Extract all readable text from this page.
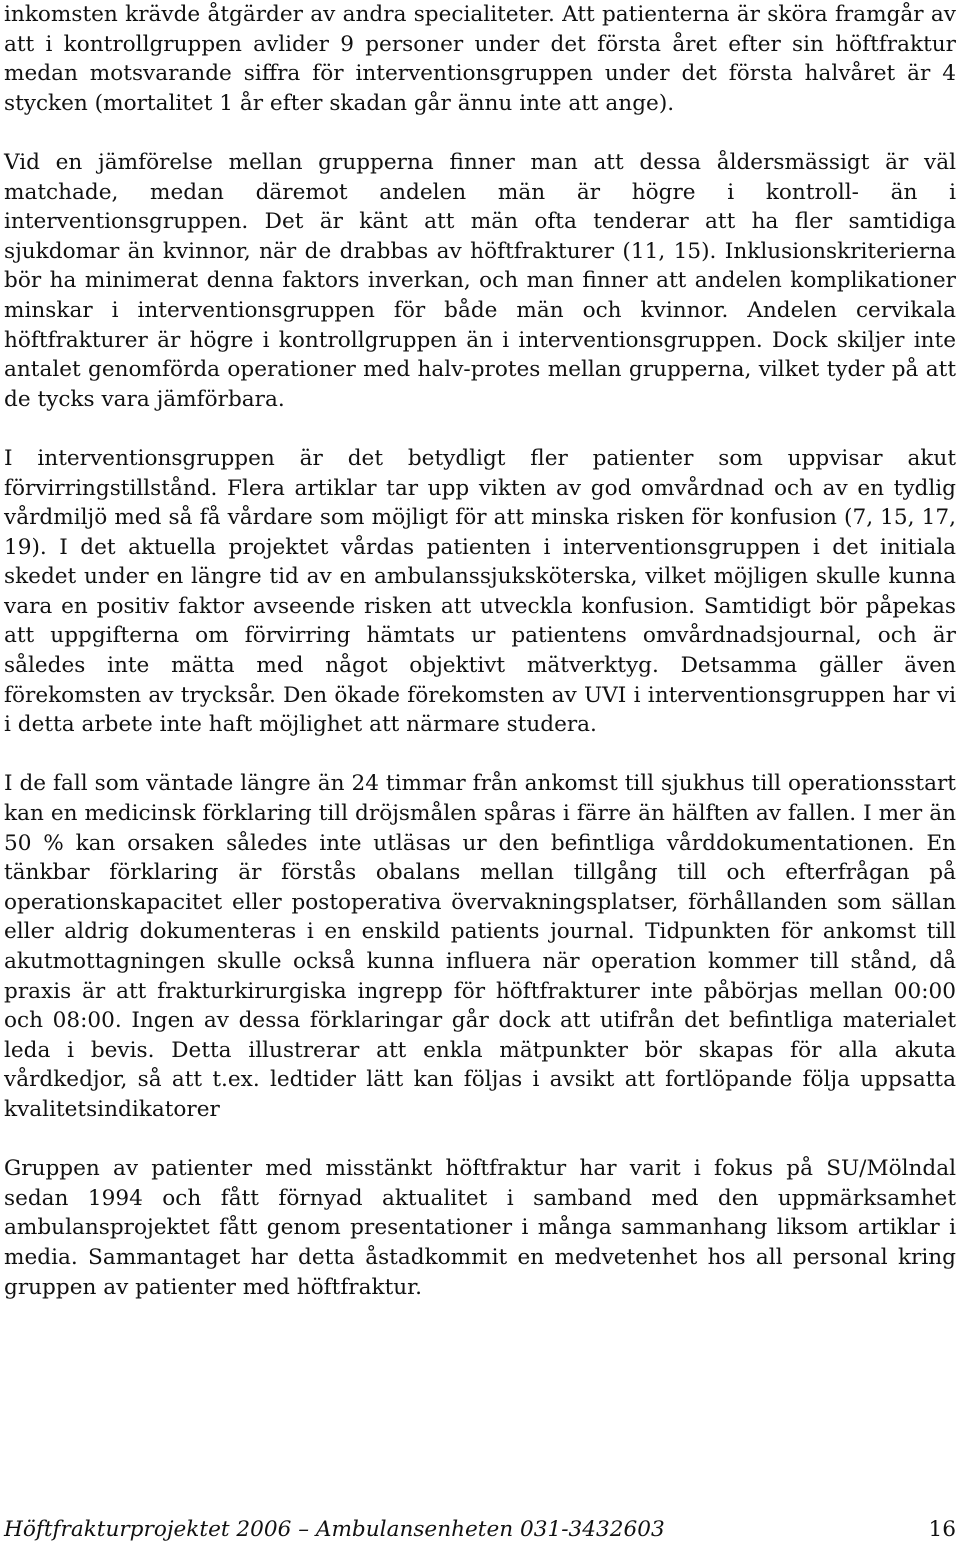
inkomsten krävde åtgärder av andra specialiteter. Att patienterna är sköra framgår av att i kontrollgruppen avlider 9 personer under det första året efter sin höftfraktur medan motsvarande siffra för interventionsgruppen under det första halvåret är 4 stycken (mortalitet 1 år efter skadan går ännu inte att ange).

Vid en jämförelse mellan grupperna finner man att dessa åldersmässigt är väl matchade, medan däremot andelen män är högre i kontroll- än i interventionsgruppen. Det är känt att män ofta tenderar att ha fler samtidiga sjukdomar än kvinnor, när de drabbas av höftfrakturer (11, 15). Inklusionskriterierna bör ha minimerat denna faktors inverkan, och man finner att andelen komplikationer minskar i interventionsgruppen för både män och kvinnor. Andelen cervikala höftfrakturer är högre i kontrollgruppen än i interventionsgruppen. Dock skiljer inte antalet genomförda operationer med halv-protes mellan grupperna, vilket tyder på att de tycks vara jämförbara.

I interventionsgruppen är det betydligt fler patienter som uppvisar akut förvirringstillstånd. Flera artiklar tar upp vikten av god omvårdnad och av en tydlig vårdmiljö med så få vårdare som möjligt för att minska risken för konfusion (7, 15, 17, 19). I det aktuella projektet vårdas patienten i interventionsgruppen i det initiala skedet under en längre tid av en ambulanssjuksköterska, vilket möjligen skulle kunna vara en positiv faktor avseende risken att utveckla konfusion. Samtidigt bör påpekas att uppgifterna om förvirring hämtats ur patientens omvårdnadsjournal, och är således inte mätta med något objektivt mätverktyg. Detsamma gäller även förekomsten av trycksår. Den ökade förekomsten av UVI i interventionsgruppen har vi i detta arbete inte haft möjlighet att närmare studera.

I de fall som väntade längre än 24 timmar från ankomst till sjukhus till operationsstart kan en medicinsk förklaring till dröjsmålen spåras i färre än hälften av fallen. I mer än 50 % kan orsaken således inte utläsas ur den befintliga vårddokumentationen. En tänkbar förklaring är förstås obalans mellan tillgång till och efterfrågan på operationskapacitet eller postoperativa övervakningsplatser, förhållanden som sällan eller aldrig dokumenteras i en enskild patients journal. Tidpunkten för ankomst till akutmottagningen skulle också kunna influera när operation kommer till stånd, då praxis är att frakturkirurgiska ingrepp för höftfrakturer inte påbörjas mellan 00:00 och 08:00. Ingen av dessa förklaringar går dock att utifrån det befintliga materialet leda i bevis. Detta illustrerar att enkla mätpunkter bör skapas för alla akuta vårdkedjor, så att t.ex. ledtider lätt kan följas i avsikt att fortlöpande följa uppsatta kvalitetsindikatorer

Gruppen av patienter med misstänkt höftfraktur har varit i fokus på SU/Mölndal sedan 1994 och fått förnyad aktualitet i samband med den uppmärksamhet ambulansprojektet fått genom presentationer i många sammanhang liksom artiklar i media. Sammantaget har detta åstadkommit en medvetenhet hos all personal kring gruppen av patienter med höftfraktur.

Höftfrakturprojektet 2006 – Ambulansenheten 031-3432603	16
